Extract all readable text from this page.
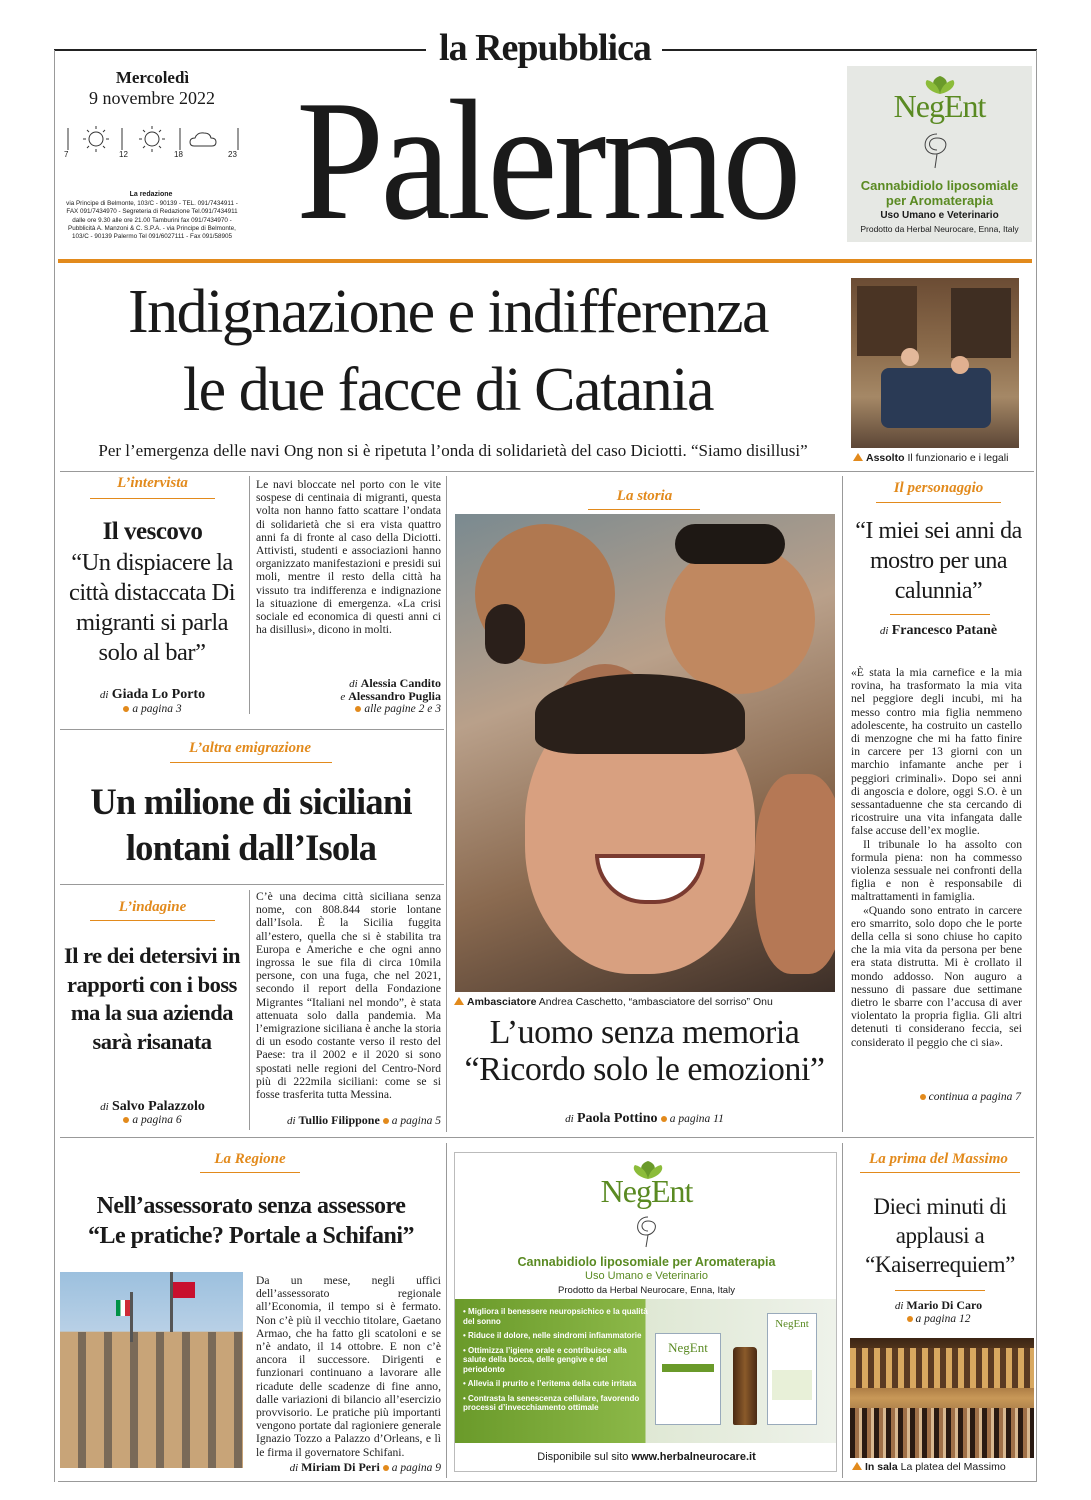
la Repubblica
Mercoledì
9 novembre 2022
7	12	18	23
La redazione
via Principe di Belmonte, 103/C - 90139 - TEL. 091/7434911 - FAX 091/7434970 - Segreteria di Redazione Tel.091/7434911 dalle ore 9.30 alle ore 21.00 Tamburini fax 091/7434970 - Pubblicità A. Manzoni & C. S.P.A. - via Principe di Belmonte, 103/C - 90139 Palermo Tel 091/6027111 - Fax 091/58905 Palermo	NegEnt
Cannabidiolo liposomiale
per Aromaterapia
Uso Umano e Veterinario
Prodotto da Herbal Neurocare, Enna, Italy
Indignazione e indifferenza
le due facce di Catania
Per l’emergenza delle navi Ong non si è ripetuta l’onda di solidarietà del caso Diciotti. “Siamo disillusi”	Assolto Il funzionario e i legali
L’intervista
Il vescovo
“Un dispiacere la città distaccata Di migranti si parla solo al bar”
di Giada Lo Porto
a pagina 3
Le navi bloccate nel porto con le vite sospese di centinaia di migranti, questa volta non hanno fatto scattare l’ondata di solidarietà che si era vista quattro anni fa di fronte al caso della Diciotti. Attivisti, studenti e associazioni hanno organizzato manifestazioni e presidi sui moli, mentre il resto della città ha vissuto tra indifferenza e indignazione la situazione di emergenza. «La crisi sociale ed economica di questi anni ci ha disillusi», dicono in molti.
di Alessia Candito
e Alessandro Puglia
alle pagine 2 e 3
La storia
Ambasciatore Andrea Caschetto, “ambasciatore del sorriso” Onu
L’uomo senza memoria
“Ricordo solo le emozioni”
di Paola Pottino a pagina 11
Il personaggio
“I miei sei anni da mostro per una calunnia”
di Francesco Patanè

«È stata la mia carnefice e la mia rovina, ha trasformato la mia vita nel peggiore degli incubi, mi ha messo contro mia figlia nemmeno adolescente, ha costruito un castello di menzogne che mi ha fatto finire in carcere per 13 giorni con un marchio infamante anche per i peggiori criminali». Dopo sei anni di angoscia e dolore, oggi S.O. è un sessantaduenne che sta cercando di ricostruire una vita infangata dalle false accuse dell’ex moglie.

Il tribunale lo ha assolto con formula piena: non ha commesso violenza sessuale nei confronti della figlia e non è responsabile di maltrattamenti in famiglia.

«Quando sono entrato in carcere ero smarrito, solo dopo che le porte della cella si sono chiuse ho capito che la mia vita da persona per bene era stata distrutta. Mi è crollato il mondo addosso. Non auguro a nessuno di passare due settimane dietro le sbarre con l’accusa di aver violentato la propria figlia. Gli altri detenuti ti considerano feccia, sei considerato il peggio che ci sia».

continua a pagina 7
L’altra emigrazione
Un milione di siciliani
lontani dall’Isola
C’è una decima città siciliana senza nome, con 808.844 storie lontane dall’Isola. È la Sicilia fuggita all’estero, quella che si è stabilita tra Europa e Americhe e che ogni anno ingrossa le sue fila di circa 10mila persone, con una fuga, che nel 2021, secondo il report della Fondazione Migrantes “Italiani nel mondo”, è stata attenuata solo dalla pandemia. Ma l’emigrazione siciliana è anche la storia di un esodo costante verso il resto del Paese: tra il 2002 e il 2020 si sono spostati nelle regioni del Centro-Nord più di 222mila siciliani: come se si fosse trasferita tutta Messina.
di Tullio Filippone a pagina 5
L’indagine
Il re dei detersivi in rapporti con i boss ma la sua azienda sarà risanata
di Salvo Palazzolo
a pagina 6
La Regione
Nell’assessorato senza assessore
“Le pratiche? Portale a Schifani”
Da un mese, negli uffici dell’assessorato regionale all’Economia, il tempo si è fermato. Non c’è più il vecchio titolare, Gaetano Armao, che ha fatto gli scatoloni e se n’è andato, il 14 ottobre. E non c’è ancora il successore. Dirigenti e funzionari continuano a lavorare alle ricadute delle scadenze di fine anno, dalle variazioni di bilancio all’esercizio provvisorio. Le pratiche più importanti vengono portate dal ragioniere generale Ignazio Tozzo a Palazzo d’Orleans, e lì le firma il governatore Schifani.
di Miriam Di Peri a pagina 9
NegEnt
Cannabidiolo liposomiale per Aromaterapia
Uso Umano e Veterinario
Prodotto da Herbal Neurocare, Enna, Italy
• Migliora il benessere neuropsichico e la qualità del sonno
• Riduce il dolore, nelle sindromi infiammatorie
• Ottimizza l’igiene orale e contribuisce alla salute della bocca, delle gengive e del periodonto
• Allevia il prurito e l’eritema della cute irritata
• Contrasta la senescenza cellulare, favorendo processi d’invecchiamento ottimale
NegEnt
NegEnt
Disponibile sul sito www.herbalneurocare.it
La prima del Massimo
Dieci minuti di applausi a “Kaiserrequiem”
di Mario Di Caro
a pagina 12
In sala La platea del Massimo
